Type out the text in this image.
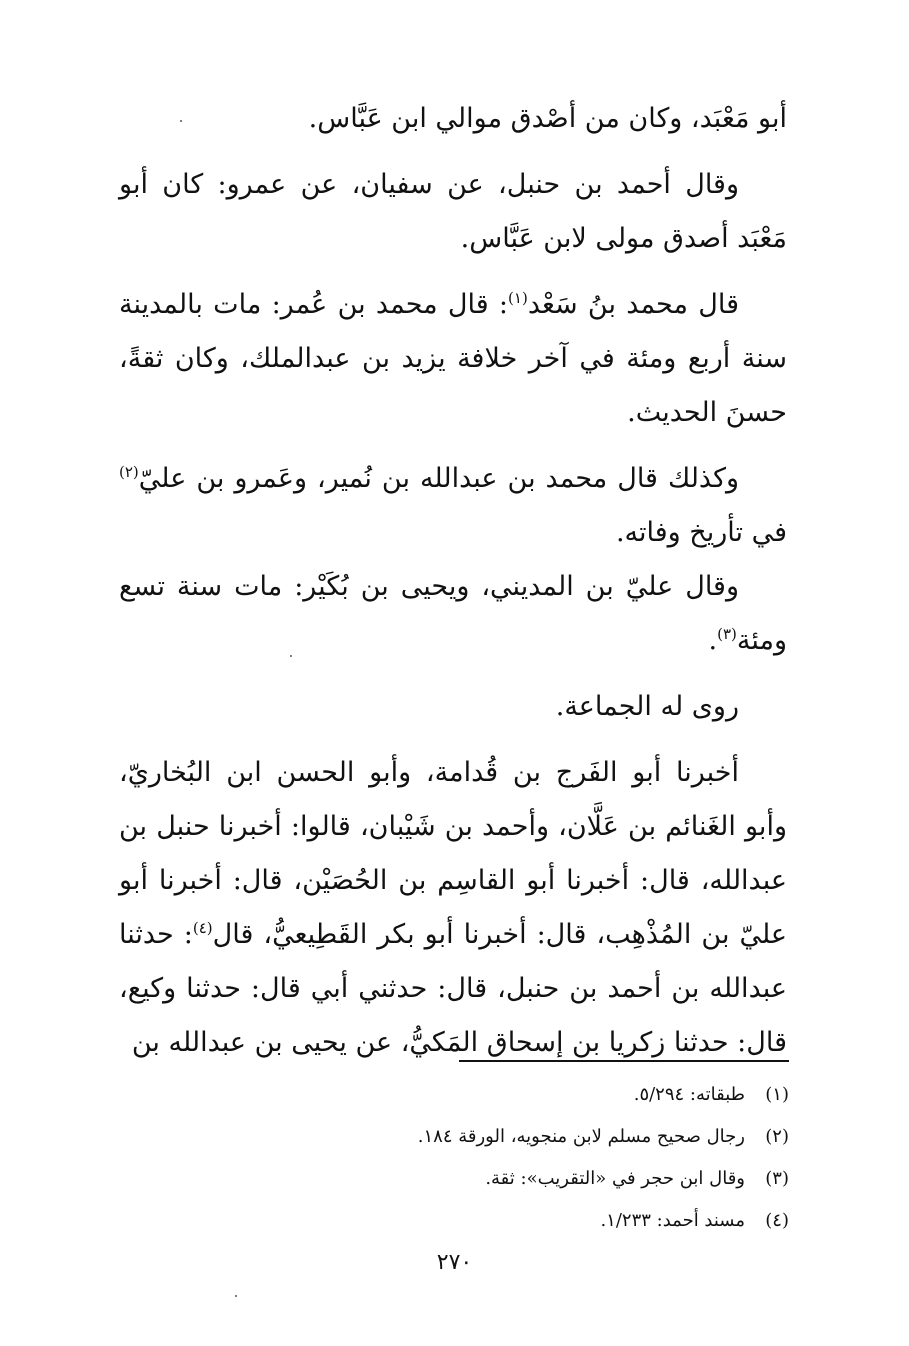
أبو مَعْبَد، وكان من أصْدق موالي ابن عَبَّاس.

وقال أحمد بن حنبل، عن سفيان، عن عمرو: كان أبو مَعْبَد أصدق مولى لابن عَبَّاس.

قال محمد بنُ سَعْد$^{(١)}$: قال محمد بن عُمر: مات بالمدينة سنة أربع ومئة في آخر خلافة يزيد بن عبدالملك، وكان ثقةً، حسنَ الحديث.

وكذلك قال محمد بن عبدالله بن نُمير، وعَمرو بن عليّ$^{(٢)}$ في تأريخ وفاته.

وقال عليّ بن المديني، ويحيى بن بُكَيْر: مات سنة تسع ومئة$^{(٣)}$.

روى له الجماعة.

أخبرنا أبو الفَرج بن قُدامة، وأبو الحسن ابن البُخاريّ، وأبو الغَنائم بن عَلَّان، وأحمد بن شَيْبان، قالوا: أخبرنا حنبل بن عبدالله، قال: أخبرنا أبو القاسِم بن الحُصَيْن، قال: أخبرنا أبو عليّ بن المُذْهِب، قال: أخبرنا أبو بكر القَطِيعيُّ، قال$^{(٤)}$: حدثنا عبدالله بن أحمد بن حنبل، قال: حدثني أبي قال: حدثنا وكيع، قال: حدثنا زكريا بن إسحاق المَكيُّ، عن يحيى بن عبدالله بن

(١)
طبقاته: ٥/٢٩٤.

(٢)
رجال صحيح مسلم لابن منجويه، الورقة ١٨٤.

(٣)
وقال ابن حجر في «التقريب»: ثقة.

(٤)
مسند أحمد: ١/٢٣٣.

٢٧٠
